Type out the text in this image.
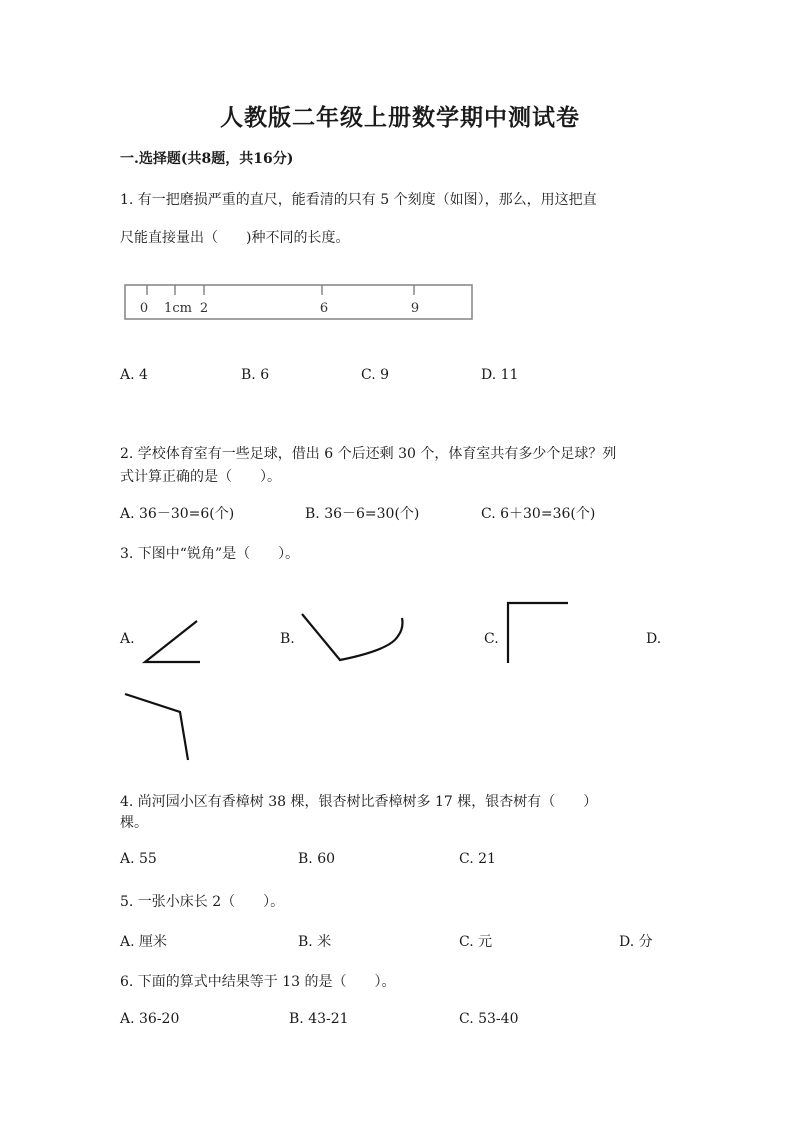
人教版二年级上册数学期中测试卷
一.选择题(共8题，共16分)
1. 有一把磨损严重的直尺，能看清的只有 5 个刻度（如图），那么，用这把直
尺能直接量出（　　)种不同的长度。
0 1cm 2	6	9
A. 4	B. 6	C. 9	D. 11
2. 学校体育室有一些足球，借出 6 个后还剩 30 个，体育室共有多少个足球？列
式计算正确的是（　　）。
A. 36－30=6(个)	B. 36－6=30(个)	C. 6＋30=36(个)
3. 下图中“锐角”是（　　）。
A.	B.	C.	D.
4. 尚河园小区有香樟树 38 棵，银杏树比香樟树多 17 棵，银杏树有（　　）
棵。
A. 55	B. 60	C. 21
5. 一张小床长 2（　　）。
A. 厘米	B. 米	C. 元	D. 分
6. 下面的算式中结果等于 13 的是（　　）。
A. 36-20	B. 43-21	C. 53-40
